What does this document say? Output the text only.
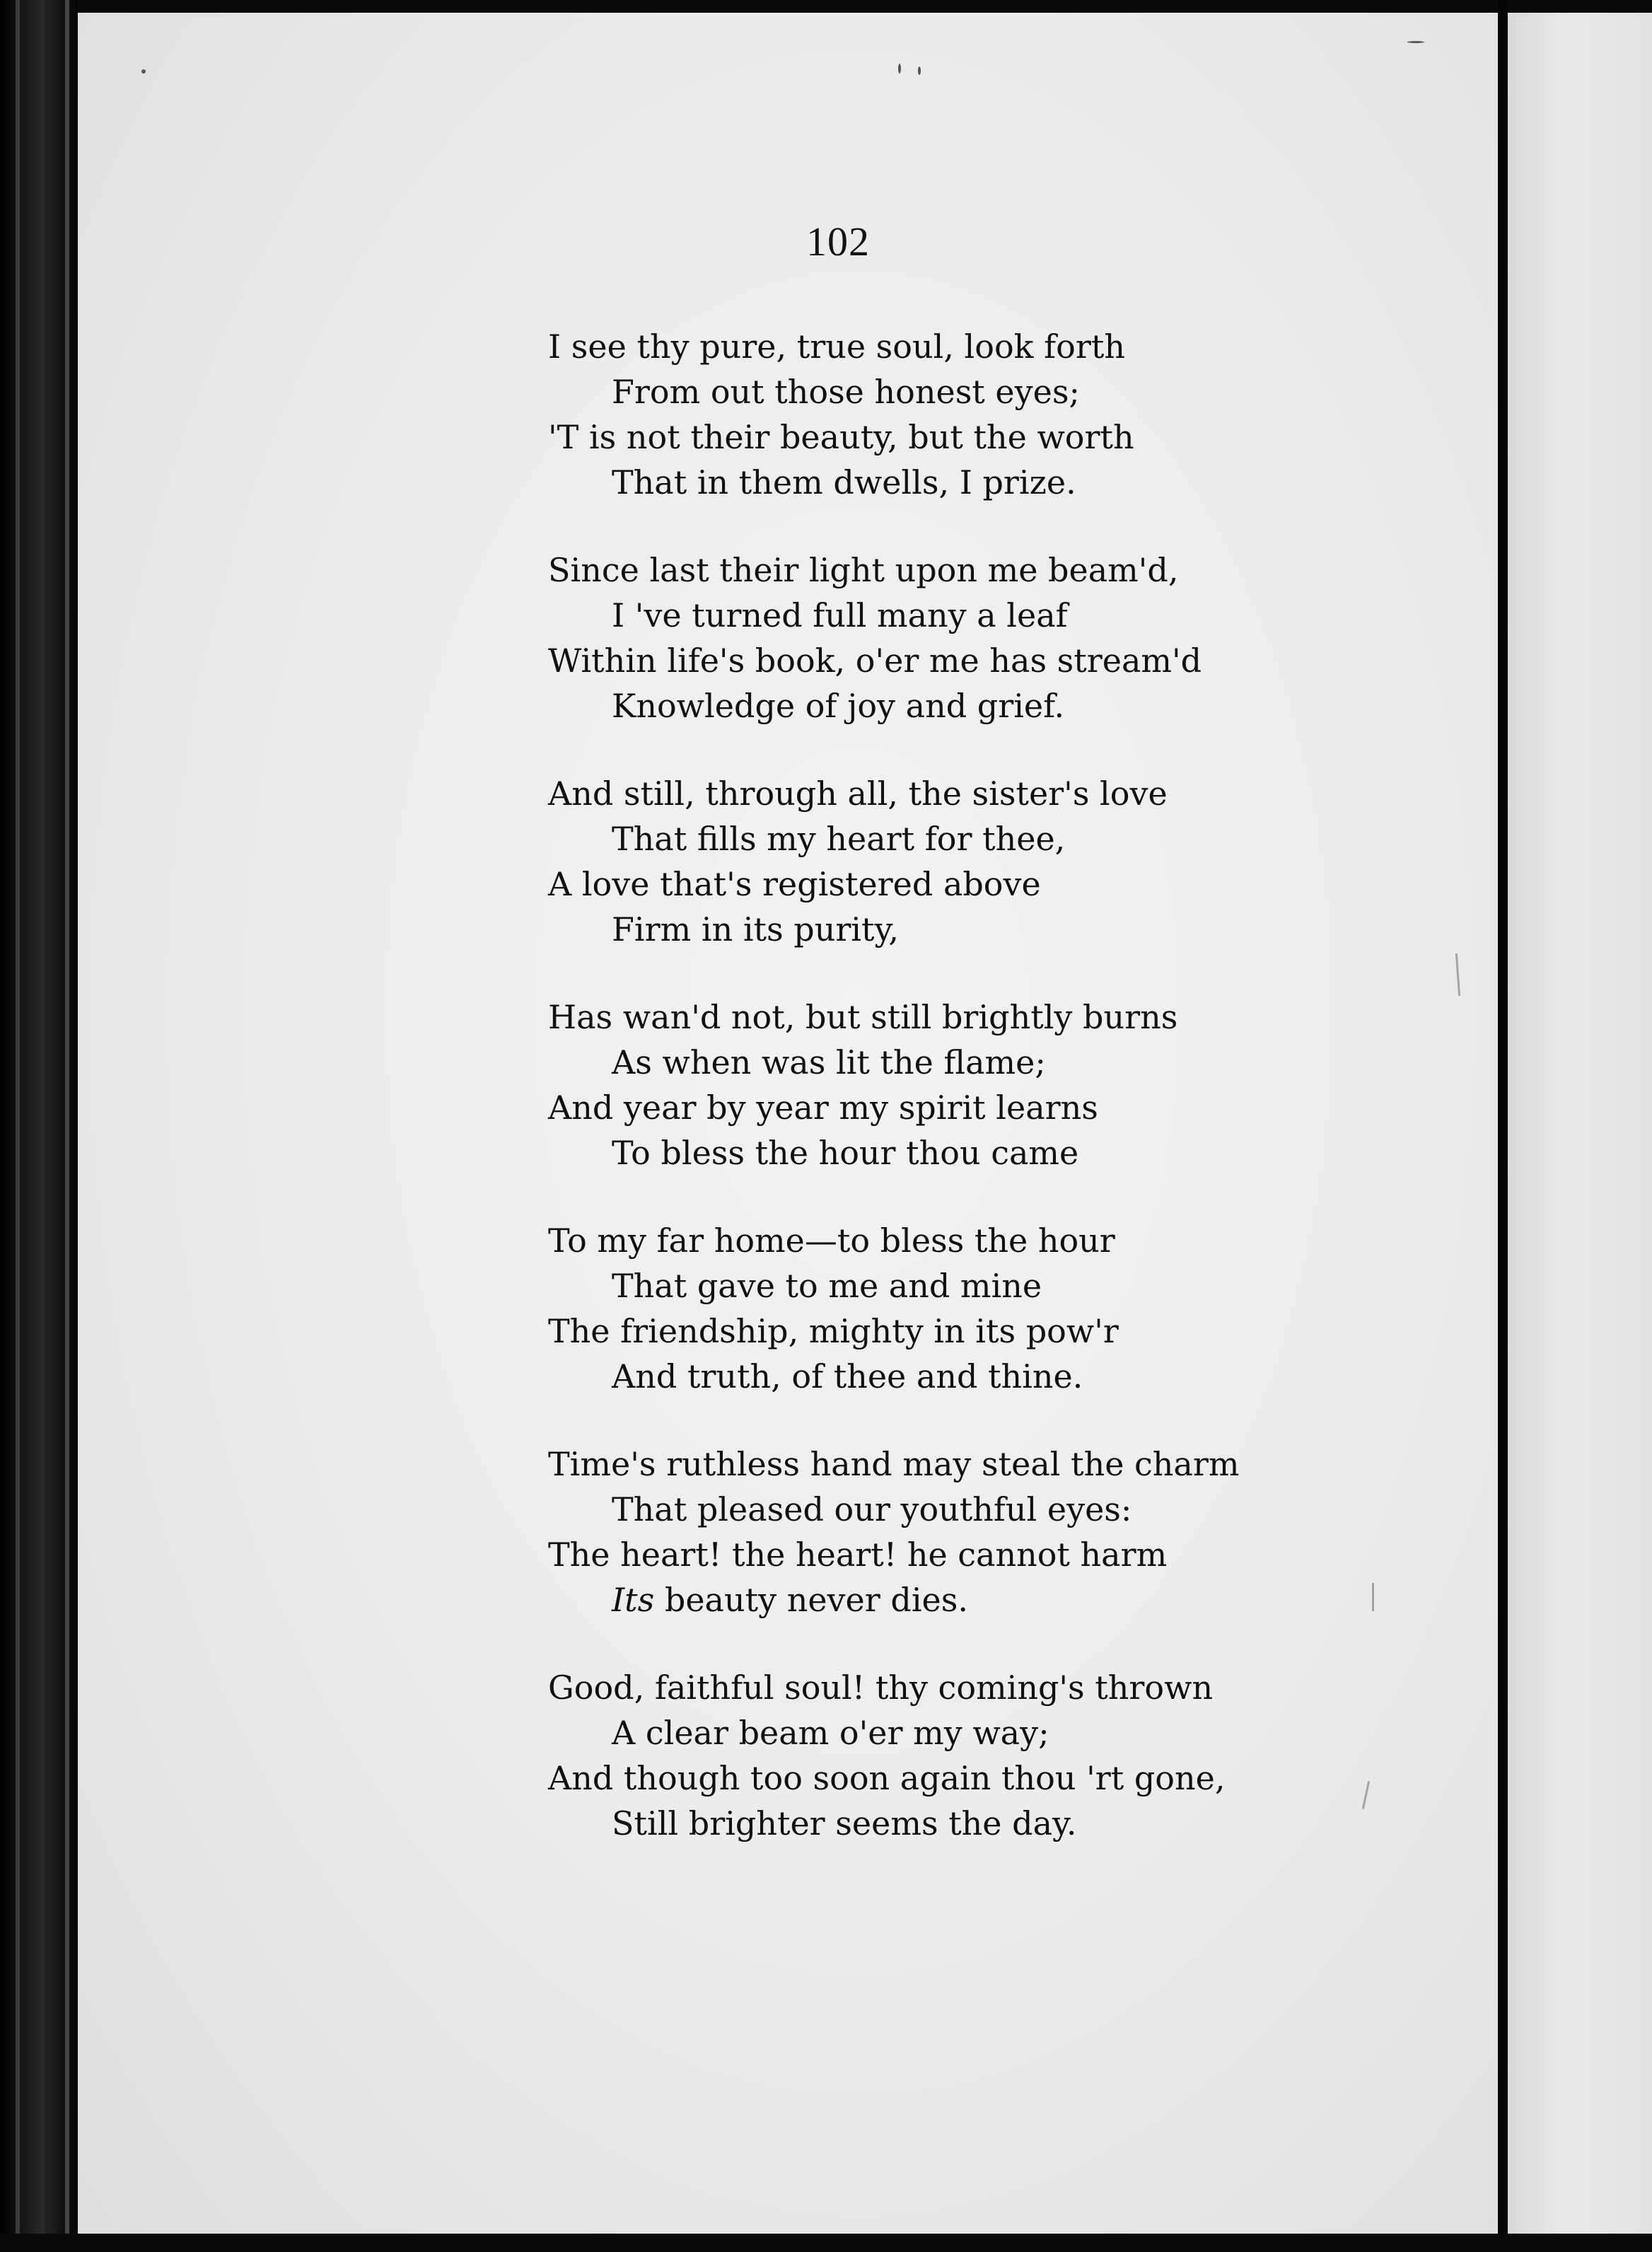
102
I see thy pure, true soul, look forth
From out those honest eyes;
'T is not their beauty, but the worth
That in them dwells, I prize.
Since last their light upon me beam'd,
I 've turned full many a leaf
Within life's book, o'er me has stream'd
Knowledge of joy and grief.
And still, through all, the sister's love
That fills my heart for thee,
A love that's registered above
Firm in its purity,
Has wan'd not, but still brightly burns
As when was lit the flame;
And year by year my spirit learns
To bless the hour thou came
To my far home—to bless the hour
That gave to me and mine
The friendship, mighty in its pow'r
And truth, of thee and thine.
Time's ruthless hand may steal the charm
That pleased our youthful eyes:
The heart! the heart! he cannot harm
Its beauty never dies.
Good, faithful soul! thy coming's thrown
A clear beam o'er my way;
And though too soon again thou 'rt gone,
Still brighter seems the day.
